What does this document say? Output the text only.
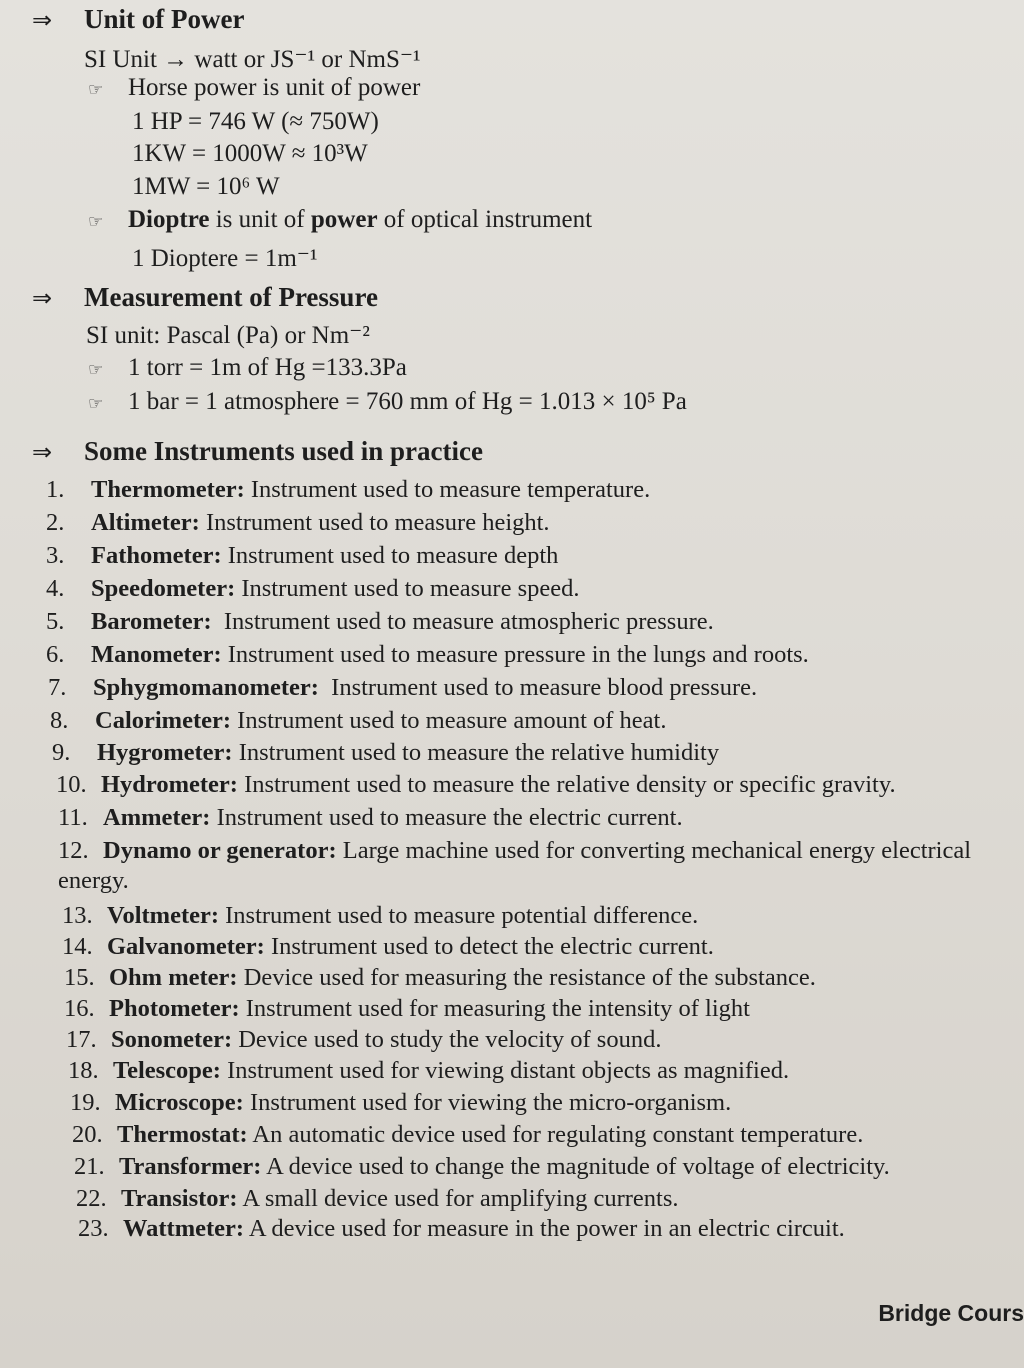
⇒ Unit of Power
SI Unit → watt or JS⁻¹ or NmS⁻¹
☞ Horse power is unit of power
1 HP = 746 W (≈ 750W)
1KW = 1000W ≈ 10³W
1MW = 10⁶ W
☞ Dioptre is unit of power of optical instrument
1 Dioptere = 1m⁻¹
⇒ Measurement of Pressure
SI unit: Pascal (Pa) or Nm⁻²
☞ 1 torr = 1m of Hg =133.3Pa
☞ 1 bar = 1 atmosphere = 760 mm of Hg = 1.013 × 10⁵ Pa
⇒ Some Instruments used in practice
1. Thermometer: Instrument used to measure temperature.
2. Altimeter: Instrument used to measure height.
3. Fathometer: Instrument used to measure depth
4. Speedometer: Instrument used to measure speed.
5. Barometer:  Instrument used to measure atmospheric pressure.
6. Manometer: Instrument used to measure pressure in the lungs and roots.
7. Sphygmomanometer:  Instrument used to measure blood pressure.
8. Calorimeter: Instrument used to measure amount of heat.
9. Hygrometer: Instrument used to measure the relative humidity
10. Hydrometer: Instrument used to measure the relative density or specific gravity.
11. Ammeter: Instrument used to measure the electric current.
12. Dynamo or generator: Large machine used for converting mechanical energy electrical energy.
13. Voltmeter: Instrument used to measure potential difference.
14. Galvanometer: Instrument used to detect the electric current.
15. Ohm meter: Device used for measuring the resistance of the substance.
16. Photometer: Instrument used for measuring the intensity of light
17. Sonometer: Device used to study the velocity of sound.
18. Telescope: Instrument used for viewing distant objects as magnified.
19. Microscope: Instrument used for viewing the micro-organism.
20. Thermostat: An automatic device used for regulating constant temperature.
21. Transformer: A device used to change the magnitude of voltage of electricity.
22. Transistor: A small device used for amplifying currents.
23. Wattmeter: A device used for measure in the power in an electric circuit.
Bridge Cours
